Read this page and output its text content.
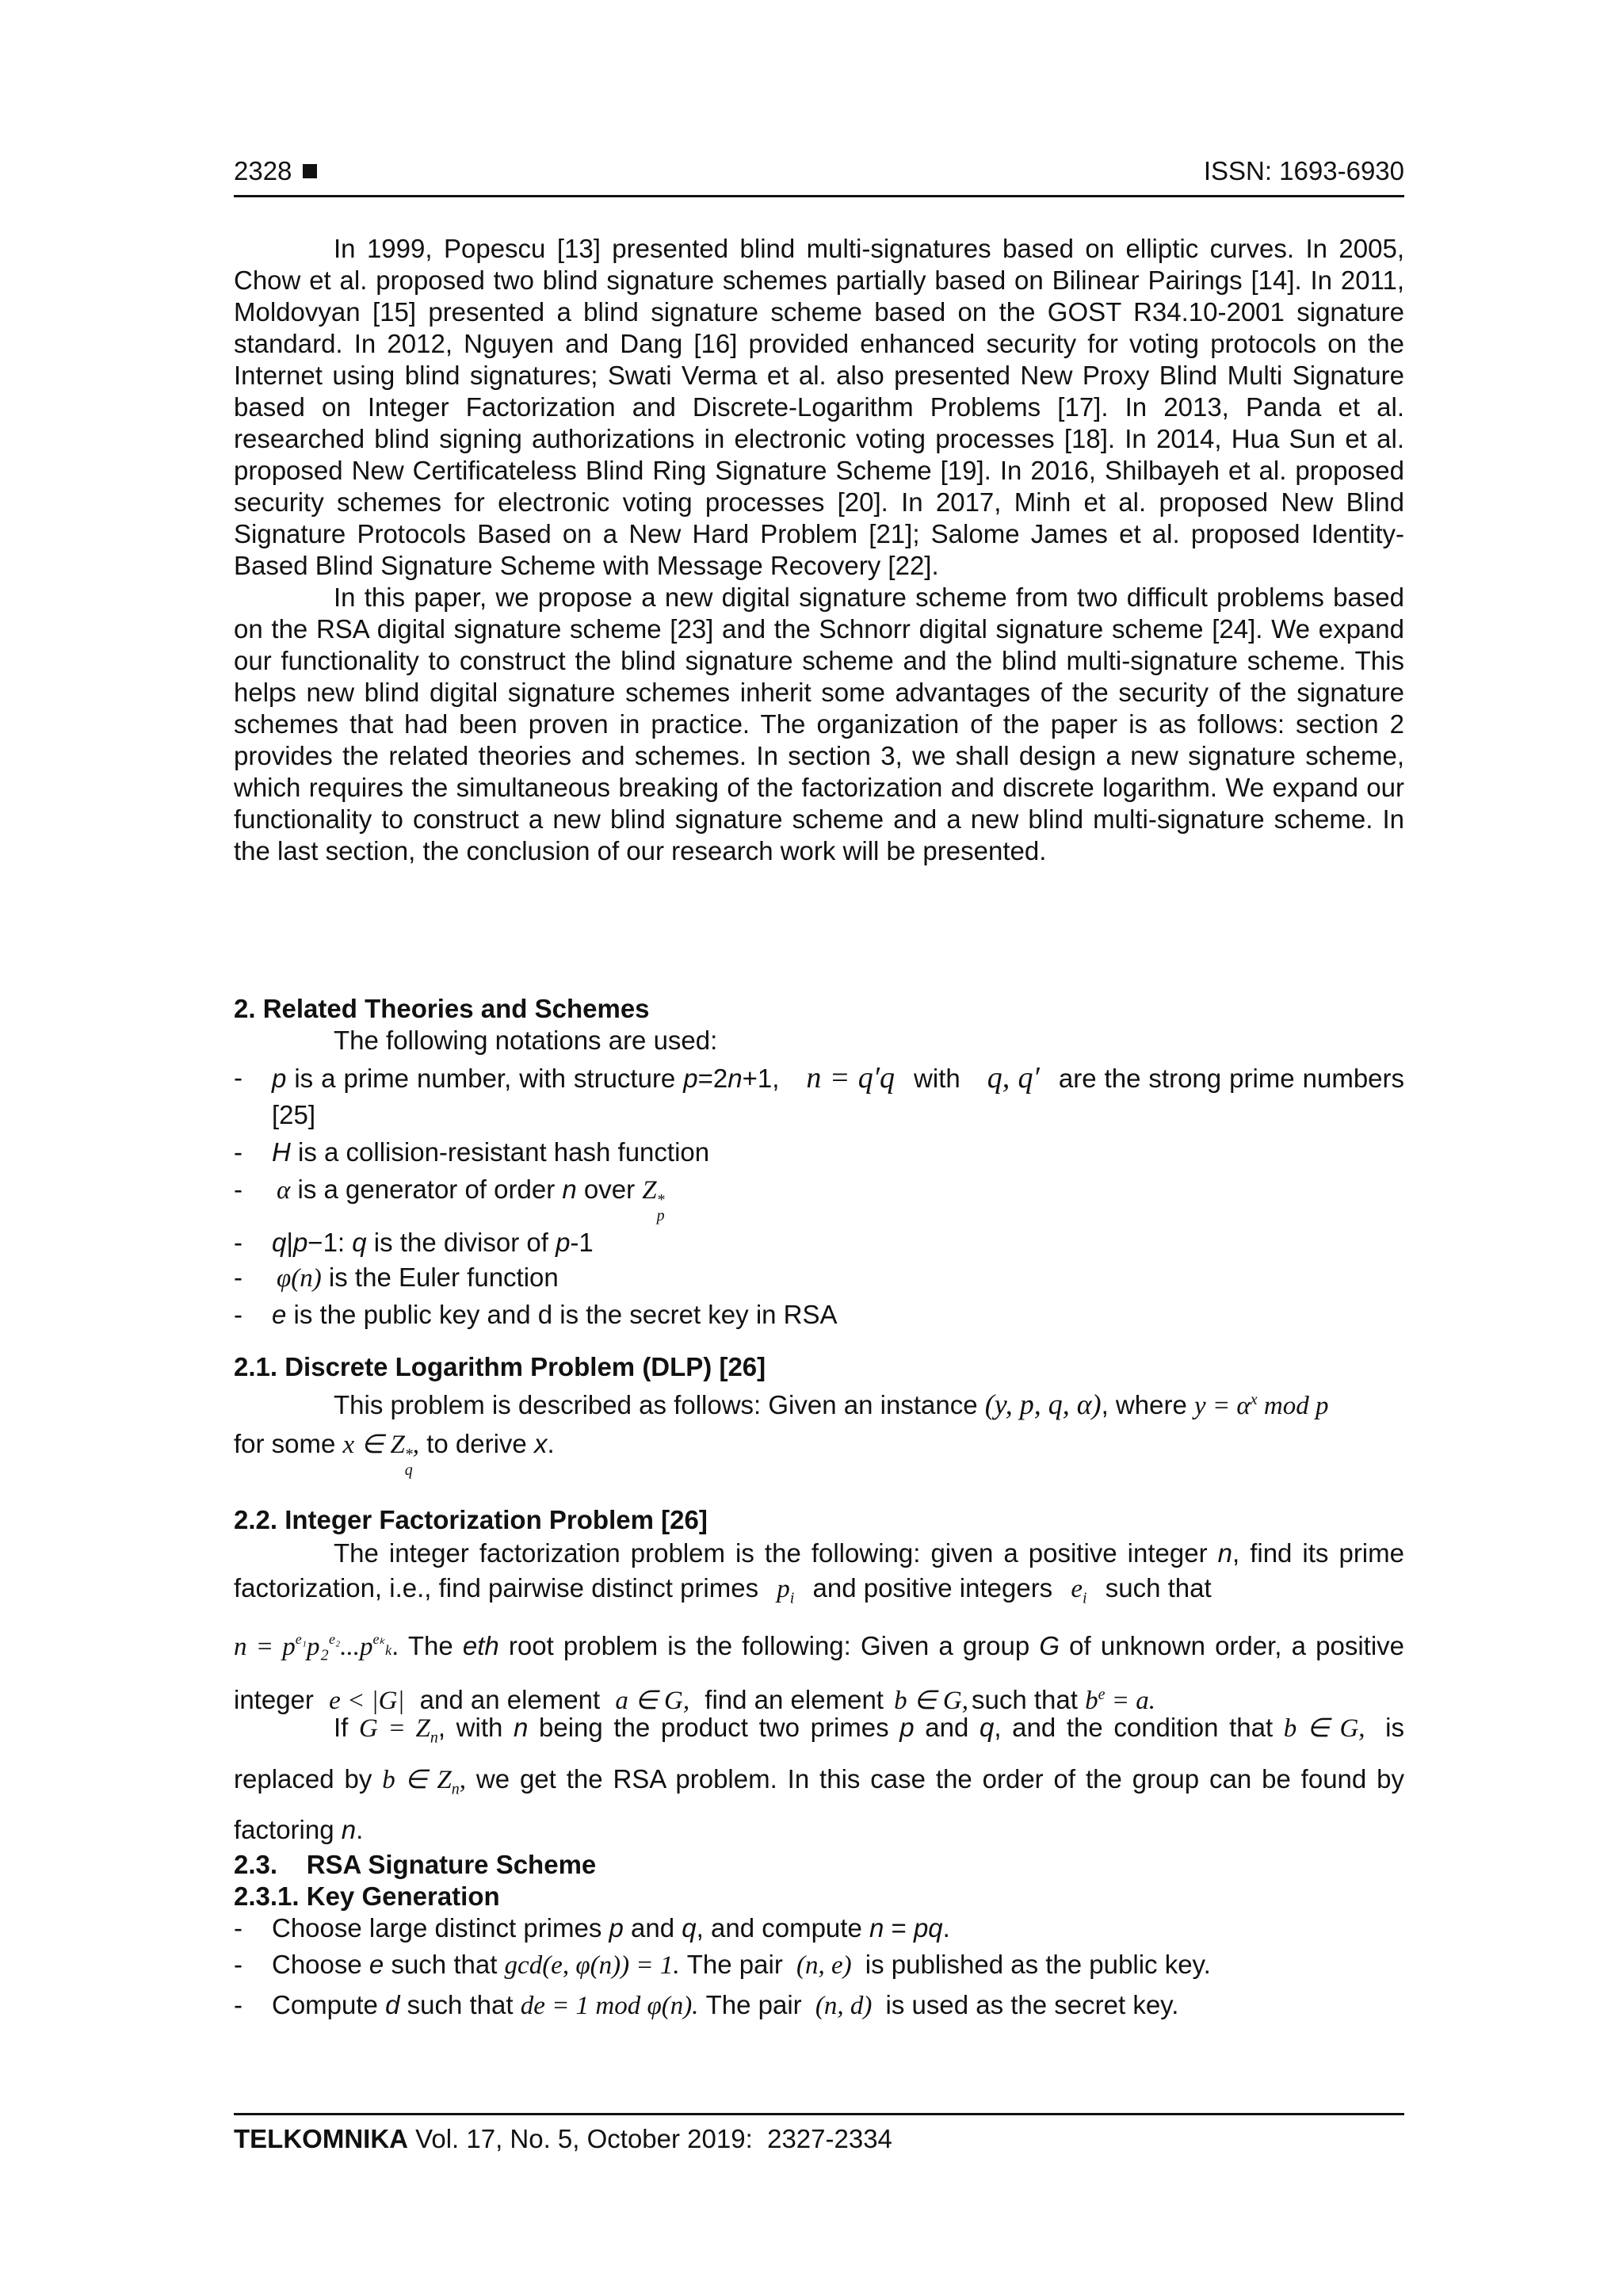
2328	ISSN: 1693-6930

In 1999, Popescu [13] presented blind multi-signatures based on elliptic curves. In 2005, Chow et al. proposed two blind signature schemes partially based on Bilinear Pairings [14]. In 2011, Moldovyan [15] presented a blind signature scheme based on the GOST R34.10-2001 signature standard. In 2012, Nguyen and Dang [16] provided enhanced security for voting protocols on the Internet using blind signatures; Swati Verma et al. also presented New Proxy Blind Multi Signature based on Integer Factorization and Discrete-Logarithm Problems [17]. In 2013, Panda et al. researched blind signing authorizations in electronic voting processes [18]. In 2014, Hua Sun et al. proposed New Certificateless Blind Ring Signature Scheme [19]. In 2016, Shilbayeh et al. proposed security schemes for electronic voting processes [20]. In 2017, Minh et al. proposed New Blind Signature Protocols Based on a New Hard Problem [21]; Salome James et al. proposed Identity-Based Blind Signature Scheme with Message Recovery [22].

In this paper, we propose a new digital signature scheme from two difficult problems based on the RSA digital signature scheme [23] and the Schnorr digital signature scheme [24]. We expand our functionality to construct the blind signature scheme and the blind multi-signature scheme. This helps new blind digital signature schemes inherit some advantages of the security of the signature schemes that had been proven in practice. The organization of the paper is as follows: section 2 provides the related theories and schemes. In section 3, we shall design a new signature scheme, which requires the simultaneous breaking of the factorization and discrete logarithm. We expand our functionality to construct a new blind signature scheme and a new blind multi-signature scheme. In the last section, the conclusion of our research work will be presented.

2. Related Theories and Schemes
The following notations are used:
- p is a prime number, with structure p=2n+1, n = q′q with q, q′ are the strong prime numbers [25]
- H is a collision-resistant hash function
- α is a generator of order n over Z *
p
- q|p−1: q is the divisor of p-1
- φ(n) is the Euler function
- e is the public key and d is the secret key in RSA
2.1. Discrete Logarithm Problem (DLP) [26]
This problem is described as follows: Given an instance (y, p, q, α), where $y = \alpha^x$ mod p
for some x ∈ Z *
q
, to derive x.
2.2. Integer Factorization Problem [26]
The integer factorization problem is the following: given a positive integer n, find its prime factorization, i.e., find pairwise distinct primes $p_i$ and positive integers $e_i$ such that
$n = p^{e_1}p_2^{e_2}...p^{e_k}k$. The eth root problem is the following: Given a group G of unknown order, a positive integer e < |G| and an element a ∈ G, find an element b ∈ G, such that $b^e = a$.
If $G = Z_n$, with n being the product two primes p and q, and the condition that b ∈ G, is replaced by b ∈ $Z_n$, we get the RSA problem. In this case the order of the group can be found by factoring n.
2.3.    RSA Signature Scheme
2.3.1. Key Generation
- Choose large distinct primes p and q, and compute n = pq.
- Choose e such that gcd(e, φ(n)) = 1. The pair (n, e) is published as the public key.
- Compute d such that de = 1 mod φ(n). The pair (n, d) is used as the secret key.
TELKOMNIKA Vol. 17, No. 5, October 2019:  2327-2334
